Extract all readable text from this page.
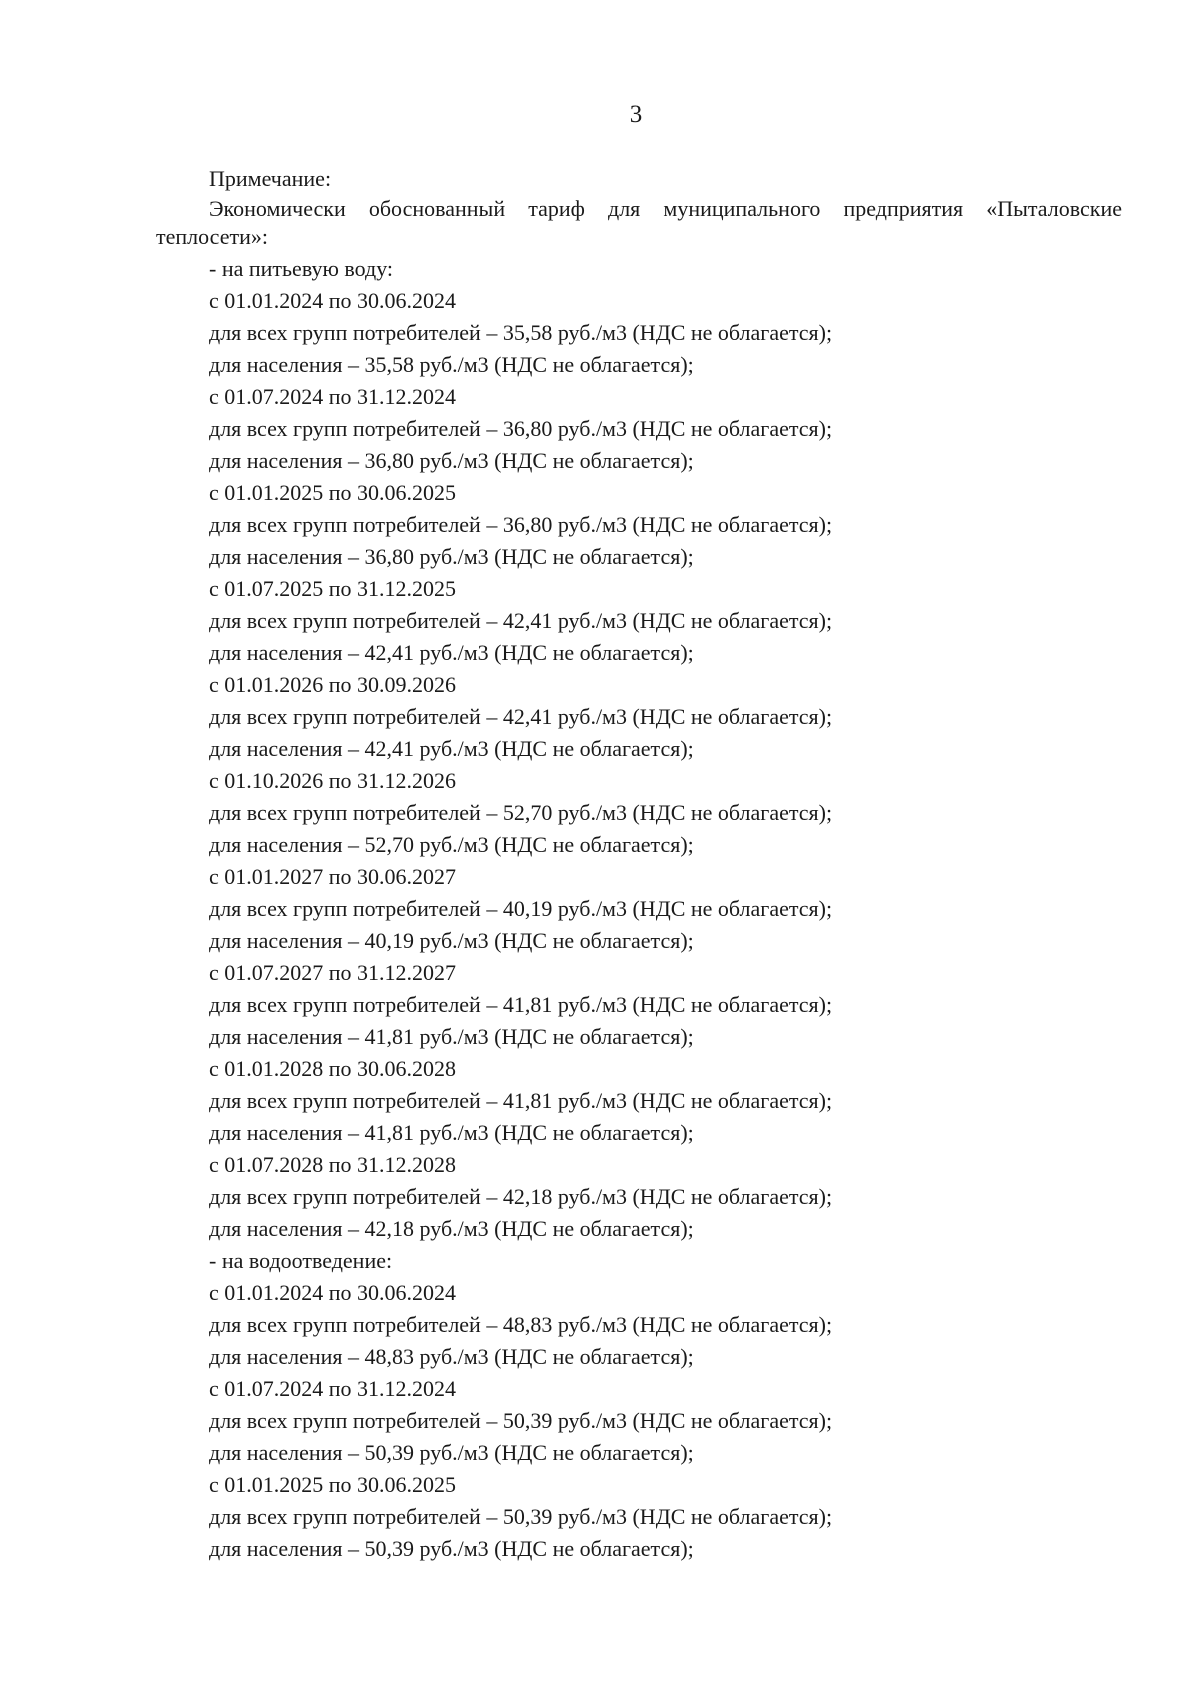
3
Примечание:
Экономически обоснованный тариф для муниципального предприятия «Пыталовские теплосети»:
- на питьевую воду:
с 01.01.2024 по 30.06.2024
для всех групп потребителей – 35,58 руб./м3 (НДС не облагается);
для населения – 35,58 руб./м3 (НДС не облагается);
с 01.07.2024 по 31.12.2024
для всех групп потребителей – 36,80 руб./м3 (НДС не облагается);
для населения – 36,80 руб./м3 (НДС не облагается);
с 01.01.2025 по 30.06.2025
для всех групп потребителей – 36,80 руб./м3 (НДС не облагается);
для населения – 36,80 руб./м3 (НДС не облагается);
с 01.07.2025 по 31.12.2025
для всех групп потребителей – 42,41 руб./м3 (НДС не облагается);
для населения – 42,41 руб./м3 (НДС не облагается);
с 01.01.2026 по 30.09.2026
для всех групп потребителей – 42,41 руб./м3 (НДС не облагается);
для населения – 42,41 руб./м3 (НДС не облагается);
с 01.10.2026 по 31.12.2026
для всех групп потребителей – 52,70 руб./м3 (НДС не облагается);
для населения – 52,70 руб./м3 (НДС не облагается);
с 01.01.2027 по 30.06.2027
для всех групп потребителей – 40,19 руб./м3 (НДС не облагается);
для населения – 40,19 руб./м3 (НДС не облагается);
с 01.07.2027 по 31.12.2027
для всех групп потребителей – 41,81 руб./м3 (НДС не облагается);
для населения – 41,81 руб./м3 (НДС не облагается);
с 01.01.2028 по 30.06.2028
для всех групп потребителей – 41,81 руб./м3 (НДС не облагается);
для населения – 41,81 руб./м3 (НДС не облагается);
с 01.07.2028 по 31.12.2028
для всех групп потребителей – 42,18 руб./м3 (НДС не облагается);
для населения – 42,18 руб./м3 (НДС не облагается);
- на водоотведение:
с 01.01.2024 по 30.06.2024
для всех групп потребителей – 48,83 руб./м3 (НДС не облагается);
для населения – 48,83 руб./м3 (НДС не облагается);
с 01.07.2024 по 31.12.2024
для всех групп потребителей – 50,39 руб./м3 (НДС не облагается);
для населения – 50,39 руб./м3 (НДС не облагается);
с 01.01.2025 по 30.06.2025
для всех групп потребителей – 50,39 руб./м3 (НДС не облагается);
для населения – 50,39 руб./м3 (НДС не облагается);
